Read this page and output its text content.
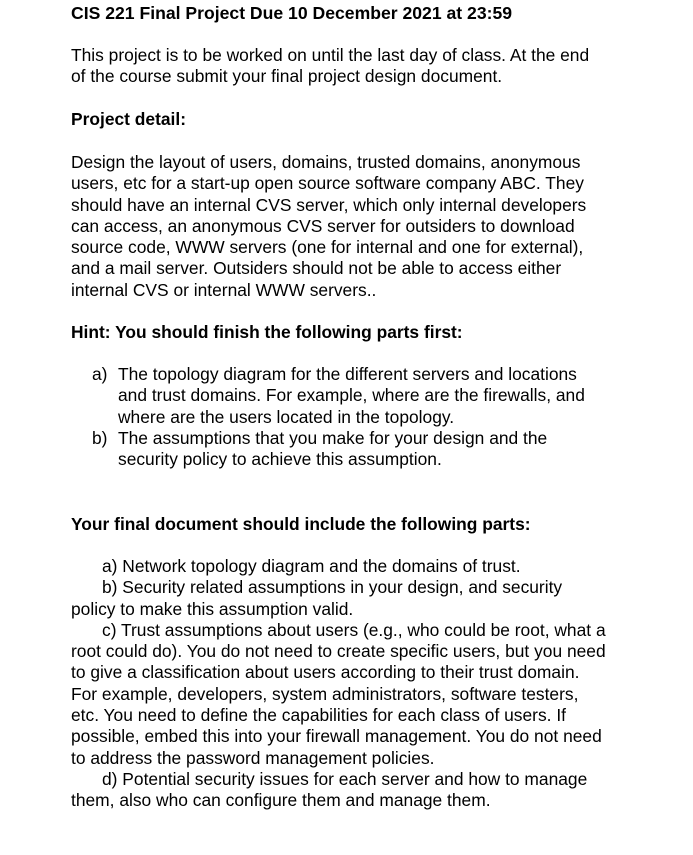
CIS 221 Final Project Due 10 December 2021 at 23:59

This project is to be worked on until the last day of class. At the end
of the course submit your final project design document.

Project detail:

Design the layout of users, domains, trusted domains, anonymous
users, etc for a start-up open source software company ABC. They
should have an internal CVS server, which only internal developers
can access, an anonymous CVS server for outsiders to download
source code, WWW servers (one for internal and one for external),
and a mail server. Outsiders should not be able to access either
internal CVS or internal WWW servers..

Hint: You should finish the following parts first:
a) The topology diagram for the different servers and locations
and trust domains. For example, where are the firewalls, and
where are the users located in the topology.
b) The assumptions that you make for your design and the
security policy to achieve this assumption.
Your final document should include the following parts:
a) Network topology diagram and the domains of trust.
b) Security related assumptions in your design, and security
policy to make this assumption valid.
c) Trust assumptions about users (e.g., who could be root, what a
root could do). You do not need to create specific users, but you need
to give a classification about users according to their trust domain.
For example, developers, system administrators, software testers,
etc. You need to define the capabilities for each class of users. If
possible, embed this into your firewall management. You do not need
to address the password management policies.
d) Potential security issues for each server and how to manage
them, also who can configure them and manage them.
